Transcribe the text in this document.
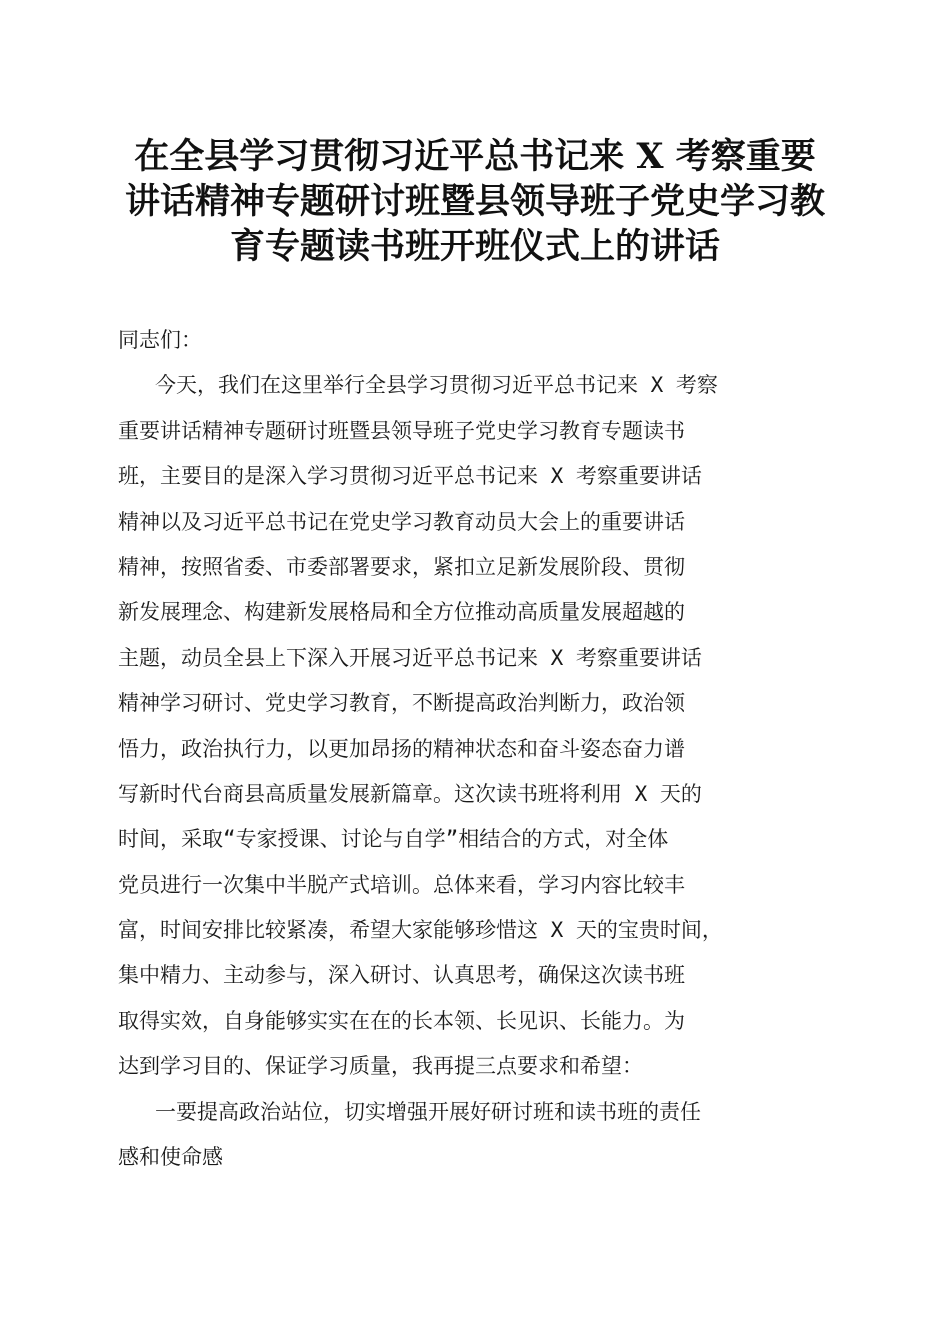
在全县学习贯彻习近平总书记来 X 考察重要
讲话精神专题研讨班暨县领导班子党史学习教
育专题读书班开班仪式上的讲话
同志们：
今天，我们在这里举行全县学习贯彻习近平总书记来 X 考察
重要讲话精神专题研讨班暨县领导班子党史学习教育专题读书
班，主要目的是深入学习贯彻习近平总书记来 X 考察重要讲话
精神以及习近平总书记在党史学习教育动员大会上的重要讲话
精神，按照省委、市委部署要求，紧扣立足新发展阶段、贯彻
新发展理念、构建新发展格局和全方位推动高质量发展超越的
主题，动员全县上下深入开展习近平总书记来 X 考察重要讲话
精神学习研讨、党史学习教育，不断提高政治判断力，政治领
悟力，政治执行力，以更加昂扬的精神状态和奋斗姿态奋力谱
写新时代台商县高质量发展新篇章。这次读书班将利用 X 天的
时间，采取“专家授课、讨论与自学”相结合的方式，对全体
党员进行一次集中半脱产式培训。总体来看，学习内容比较丰
富，时间安排比较紧凑，希望大家能够珍惜这 X 天的宝贵时间，
集中精力、主动参与，深入研讨、认真思考，确保这次读书班
取得实效，自身能够实实在在的长本领、长见识、长能力。为
达到学习目的、保证学习质量，我再提三点要求和希望：
一要提高政治站位，切实增强开展好研讨班和读书班的责任
感和使命感
